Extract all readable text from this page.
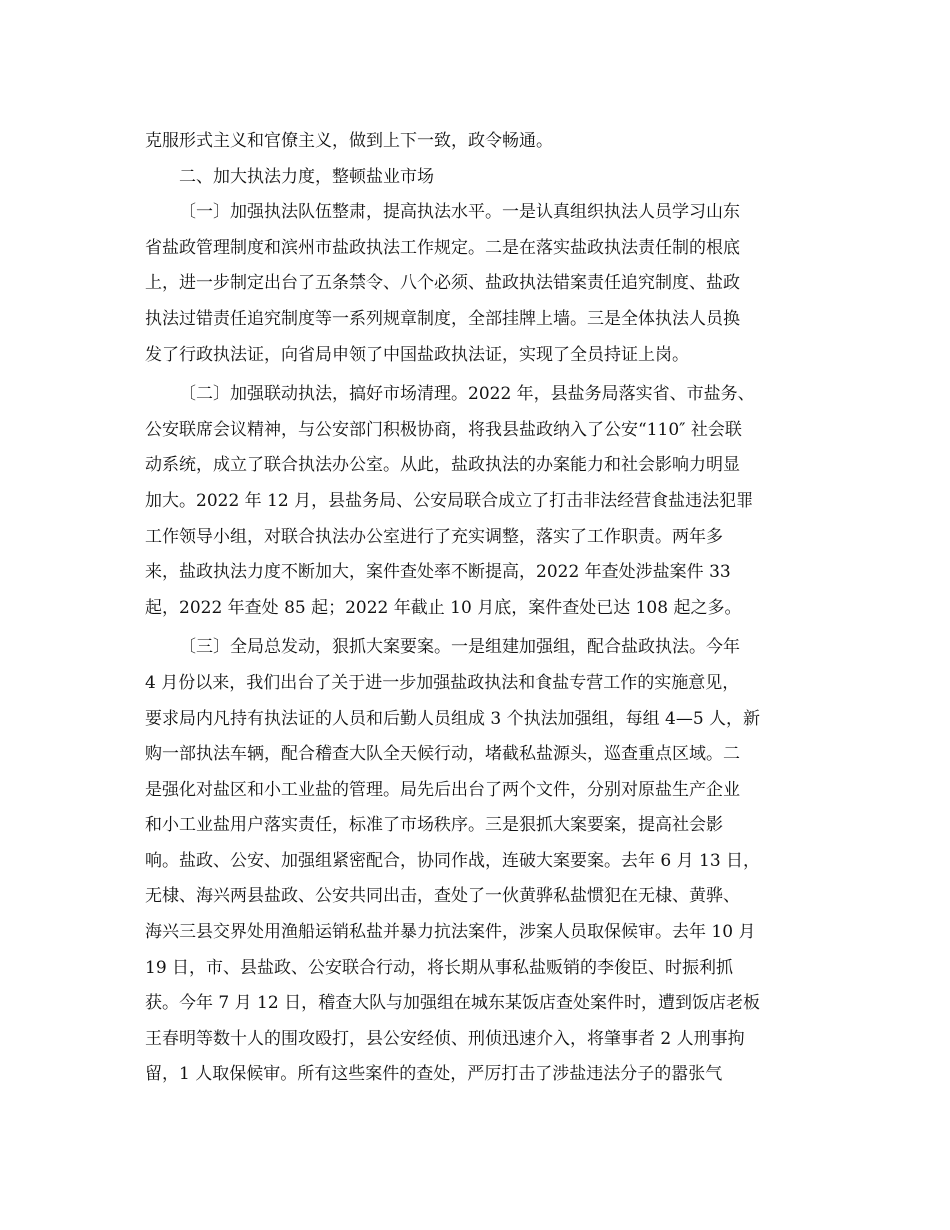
克服形式主义和官僚主义，做到上下一致，政令畅通。
二、加大执法力度，整顿盐业市场
〔一〕加强执法队伍整肃，提高执法水平。一是认真组织执法人员学习山东
省盐政管理制度和滨州市盐政执法工作规定。二是在落实盐政执法责任制的根底
上，进一步制定出台了五条禁令、八个必须、盐政执法错案责任追究制度、盐政
执法过错责任追究制度等一系列规章制度，全部挂牌上墙。三是全体执法人员换
发了行政执法证，向省局申领了中国盐政执法证，实现了全员持证上岗。
〔二〕加强联动执法，搞好市场清理。2022 年，县盐务局落实省、市盐务、
公安联席会议精神，与公安部门积极协商，将我县盐政纳入了公安“110″ 社会联
动系统，成立了联合执法办公室。从此，盐政执法的办案能力和社会影响力明显
加大。2022 年 12 月，县盐务局、公安局联合成立了打击非法经营食盐违法犯罪
工作领导小组，对联合执法办公室进行了充实调整，落实了工作职责。两年多
来，盐政执法力度不断加大，案件查处率不断提高，2022 年查处涉盐案件 33
起，2022 年查处 85 起；2022 年截止 10 月底，案件查处已达 108 起之多。
〔三〕全局总发动，狠抓大案要案。一是组建加强组，配合盐政执法。今年
4 月份以来，我们出台了关于进一步加强盐政执法和食盐专营工作的实施意见，
要求局内凡持有执法证的人员和后勤人员组成 3 个执法加强组，每组 4—5 人，新
购一部执法车辆，配合稽查大队全天候行动，堵截私盐源头，巡查重点区域。二
是强化对盐区和小工业盐的管理。局先后出台了两个文件，分别对原盐生产企业
和小工业盐用户落实责任，标准了市场秩序。三是狠抓大案要案，提高社会影
响。盐政、公安、加强组紧密配合，协同作战，连破大案要案。去年 6 月 13 日，
无棣、海兴两县盐政、公安共同出击，查处了一伙黄骅私盐惯犯在无棣、黄骅、
海兴三县交界处用渔船运销私盐并暴力抗法案件，涉案人员取保候审。去年 10 月
19 日，市、县盐政、公安联合行动，将长期从事私盐贩销的李俊臣、时振利抓
获。今年 7 月 12 日，稽查大队与加强组在城东某饭店查处案件时，遭到饭店老板
王春明等数十人的围攻殴打，县公安经侦、刑侦迅速介入，将肇事者 2 人刑事拘
留，1 人取保候审。所有这些案件的查处，严厉打击了涉盐违法分子的嚣张气
